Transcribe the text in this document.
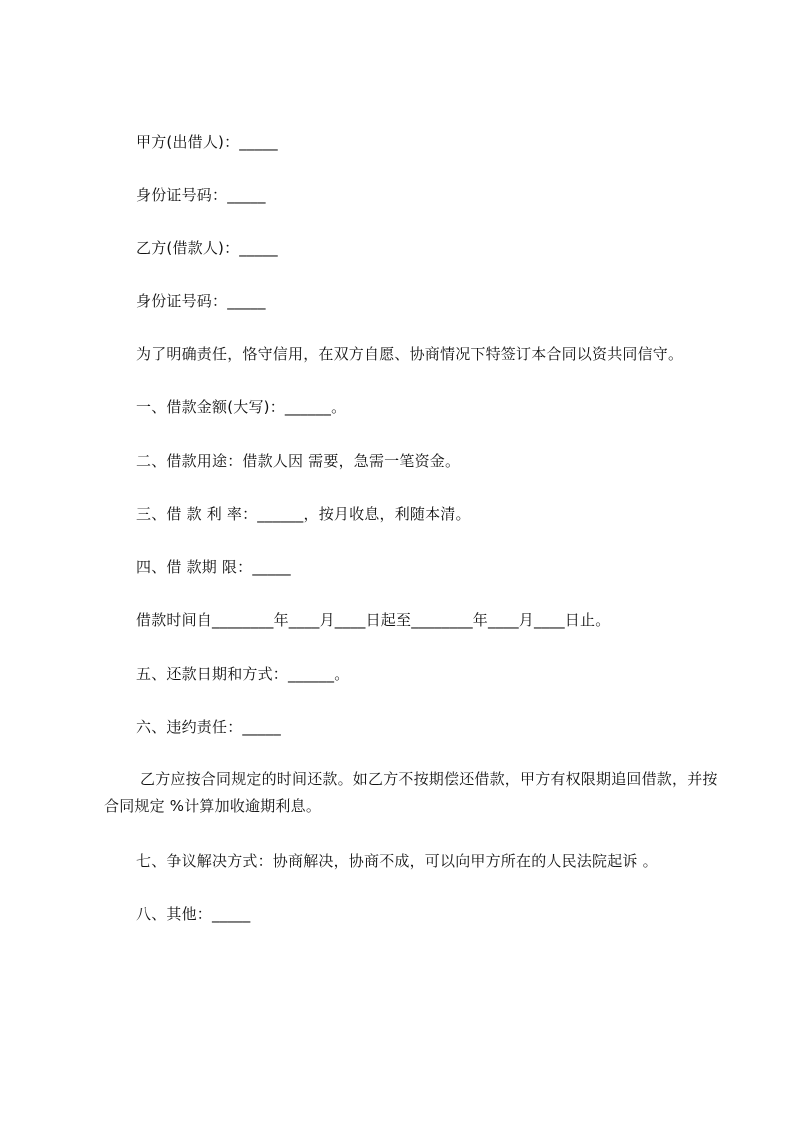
甲方(出借人)：_____
身份证号码：_____
乙方(借款人)：_____
身份证号码：_____
为了明确责任，恪守信用，在双方自愿、协商情况下特签订本合同以资共同信守。
一、借款金额(大写)：______。
二、借款用途：借款人因 需要，急需一笔资金。
三、借 款 利 率：______，按月收息，利随本清。
四、借 款期 限：_____
借款时间自________年____月____日起至________年____月____日止。
五、还款日期和方式：______。
六、违约责任：_____
乙方应按合同规定的时间还款。如乙方不按期偿还借款，甲方有权限期追回借款，并按合同规定 %计算加收逾期利息。
七、争议解决方式：协商解决，协商不成，可以向甲方所在的人民法院起诉 。
八、其他：_____
